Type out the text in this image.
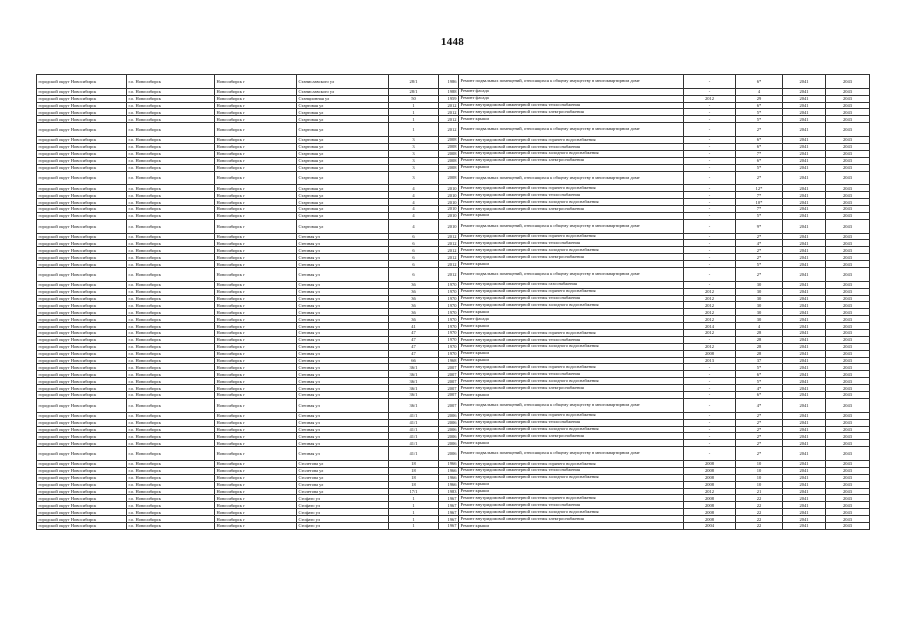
1448
городской округ Новосибирск	г.о. Новосибирск	Новосибирск г	Станиславского ул	28/1	1986	Ремонт подвальных помещений, относящихся к общему имуществу в многоквартирном доме	-	6*	2041	2043
городской округ Новосибирск	г.о. Новосибирск	Новосибирск г	Станиславского ул	28/1	1988	Ремонт фасада	-	4	2041	2043
городской округ Новосибирск	г.о. Новосибирск	Новосибирск г	Станционная ул	50	1959	Ремонт фасада	2012	29	2041	2043
городской округ Новосибирск	г.о. Новосибирск	Новосибирск г	Стартовая ул	1	2012	Ремонт внутридомовой инженерной системы теплоснабжения	-	6*	2041	2043
городской округ Новосибирск	г.о. Новосибирск	Новосибирск г	Стартовая ул	1	2012	Ремонт внутридомовой инженерной системы электроснабжения	-	5*	2041	2043
городской округ Новосибирск	г.о. Новосибирск	Новосибирск г	Стартовая ул	1	2012	Ремонт крыши	-	5*	2041	2043
городской округ Новосибирск	г.о. Новосибирск	Новосибирск г	Стартовая ул	1	2012	Ремонт подвальных помещений, относящихся к общему имуществу в многоквартирном доме	-	2*	2041	2043
городской округ Новосибирск	г.о. Новосибирск	Новосибирск г	Стартовая ул	3	2008	Ремонт внутридомовой инженерной системы горячего водоснабжения	-	6*	2041	2043
городской округ Новосибирск	г.о. Новосибирск	Новосибирск г	Стартовая ул	3	2008	Ремонт внутридомовой инженерной системы теплоснабжения	-	6*	2041	2043
городской округ Новосибирск	г.о. Новосибирск	Новосибирск г	Стартовая ул	3	2008	Ремонт внутридомовой инженерной системы холодного водоснабжения	-	7*	2041	2043
городской округ Новосибирск	г.о. Новосибирск	Новосибирск г	Стартовая ул	3	2008	Ремонт внутридомовой инженерной системы электроснабжения	-	6*	2041	2043
городской округ Новосибирск	г.о. Новосибирск	Новосибирск г	Стартовая ул	3	2008	Ремонт крыши	-	5*	2041	2043
городской округ Новосибирск	г.о. Новосибирск	Новосибирск г	Стартовая ул	3	2008	Ремонт подвальных помещений, относящихся к общему имуществу в многоквартирном доме	-	2*	2041	2043
городской округ Новосибирск	г.о. Новосибирск	Новосибирск г	Стартовая ул	4	2010	Ремонт внутридомовой инженерной системы горячего водоснабжения	-	12*	2041	2043
городской округ Новосибирск	г.о. Новосибирск	Новосибирск г	Стартовая ул	4	2010	Ремонт внутридомовой инженерной системы теплоснабжения	-	7*	2041	2043
городской округ Новосибирск	г.о. Новосибирск	Новосибирск г	Стартовая ул	4	2010	Ремонт внутридомовой инженерной системы холодного водоснабжения	-	10*	2041	2043
городской округ Новосибирск	г.о. Новосибирск	Новосибирск г	Стартовая ул	4	2010	Ремонт внутридомовой инженерной системы электроснабжения	-	7*	2041	2043
городской округ Новосибирск	г.о. Новосибирск	Новосибирск г	Стартовая ул	4	2010	Ремонт крыши	-	5*	2041	2043
городской округ Новосибирск	г.о. Новосибирск	Новосибирск г	Стартовая ул	4	2010	Ремонт подвальных помещений, относящихся к общему имуществу в многоквартирном доме	-	9*	2041	2043
городской округ Новосибирск	г.о. Новосибирск	Новосибирск г	Степная ул	6	2012	Ремонт внутридомовой инженерной системы горячего водоснабжения	-	2*	2041	2043
городской округ Новосибирск	г.о. Новосибирск	Новосибирск г	Степная ул	6	2012	Ремонт внутридомовой инженерной системы теплоснабжения	-	4*	2041	2043
городской округ Новосибирск	г.о. Новосибирск	Новосибирск г	Степная ул	6	2012	Ремонт внутридомовой инженерной системы холодного водоснабжения	-	2*	2041	2043
городской округ Новосибирск	г.о. Новосибирск	Новосибирск г	Степная ул	6	2012	Ремонт внутридомовой инженерной системы электроснабжения	-	2*	2041	2043
городской округ Новосибирск	г.о. Новосибирск	Новосибирск г	Степная ул	6	2012	Ремонт крыши	-	5*	2041	2043
городской округ Новосибирск	г.о. Новосибирск	Новосибирск г	Степная ул	6	2012	Ремонт подвальных помещений, относящихся к общему имуществу в многоквартирном доме	-	2*	2041	2043
городской округ Новосибирск	г.о. Новосибирск	Новосибирск г	Степная ул	36	1970	Ремонт внутридомовой инженерной системы газоснабжения	-	30	2041	2043
городской округ Новосибирск	г.о. Новосибирск	Новосибирск г	Степная ул	36	1970	Ремонт внутридомовой инженерной системы горячего водоснабжения	2012	30	2041	2043
городской округ Новосибирск	г.о. Новосибирск	Новосибирск г	Степная ул	36	1970	Ремонт внутридомовой инженерной системы теплоснабжения	2012	30	2041	2043
городской округ Новосибирск	г.о. Новосибирск	Новосибирск г	Степная ул	36	1970	Ремонт внутридомовой инженерной системы холодного водоснабжения	2012	30	2041	2043
городской округ Новосибирск	г.о. Новосибирск	Новосибирск г	Степная ул	36	1970	Ремонт крыши	2012	30	2041	2043
городской округ Новосибирск	г.о. Новосибирск	Новосибирск г	Степная ул	36	1970	Ремонт фасада	2012	30	2041	2043
городской округ Новосибирск	г.о. Новосибирск	Новосибирск г	Степная ул	41	1970	Ремонт крыши	2014	4	2041	2043
городской округ Новосибирск	г.о. Новосибирск	Новосибирск г	Степная ул	47	1970	Ремонт внутридомовой инженерной системы горячего водоснабжения	2012	28	2041	2043
городской округ Новосибирск	г.о. Новосибирск	Новосибирск г	Степная ул	47	1970	Ремонт внутридомовой инженерной системы теплоснабжения	-	28	2041	2043
городской округ Новосибирск	г.о. Новосибирск	Новосибирск г	Степная ул	47	1970	Ремонт внутридомовой инженерной системы холодного водоснабжения	2012	28	2041	2043
городской округ Новосибирск	г.о. Новосибирск	Новосибирск г	Степная ул	47	1970	Ремонт крыши	2008	28	2041	2043
городской округ Новосибирск	г.о. Новосибирск	Новосибирск г	Степная ул	66	1968	Ремонт крыши	2013	37	2041	2043
городской округ Новосибирск	г.о. Новосибирск	Новосибирск г	Степная ул	36/1	2007	Ремонт внутридомовой инженерной системы горячего водоснабжения	-	5*	2041	2043
городской округ Новосибирск	г.о. Новосибирск	Новосибирск г	Степная ул	36/1	2007	Ремонт внутридомовой инженерной системы теплоснабжения	-	6*	2041	2043
городской округ Новосибирск	г.о. Новосибирск	Новосибирск г	Степная ул	36/1	2007	Ремонт внутридомовой инженерной системы холодного водоснабжения	-	5*	2041	2043
городской округ Новосибирск	г.о. Новосибирск	Новосибирск г	Степная ул	36/1	2007	Ремонт внутридомовой инженерной системы электроснабжения	-	4*	2041	2043
городской округ Новосибирск	г.о. Новосибирск	Новосибирск г	Степная ул	36/1	2007	Ремонт крыши	-	6*	2041	2043
городской округ Новосибирск	г.о. Новосибирск	Новосибирск г	Степная ул	36/1	2007	Ремонт подвальных помещений, относящихся к общему имуществу в многоквартирном доме	-	4*	2041	2043
городской округ Новосибирск	г.о. Новосибирск	Новосибирск г	Степная ул	41/1	2006	Ремонт внутридомовой инженерной системы горячего водоснабжения	-	2*	2041	2043
городской округ Новосибирск	г.о. Новосибирск	Новосибирск г	Степная ул	41/1	2006	Ремонт внутридомовой инженерной системы теплоснабжения	-	2*	2041	2043
городской округ Новосибирск	г.о. Новосибирск	Новосибирск г	Степная ул	41/1	2006	Ремонт внутридомовой инженерной системы холодного водоснабжения	-	2*	2041	2043
городской округ Новосибирск	г.о. Новосибирск	Новосибирск г	Степная ул	41/1	2006	Ремонт внутридомовой инженерной системы электроснабжения	-	2*	2041	2043
городской округ Новосибирск	г.о. Новосибирск	Новосибирск г	Степная ул	41/1	2006	Ремонт крыши	-	2*	2041	2043
городской округ Новосибирск	г.о. Новосибирск	Новосибирск г	Степная ул	41/1	2006	Ремонт подвальных помещений, относящихся к общему имуществу в многоквартирном доме	-	2*	2041	2043
городской округ Новосибирск	г.о. Новосибирск	Новосибирск г	Столетова ул	18	1966	Ремонт внутридомовой инженерной системы горячего водоснабжения	2008	10	2041	2043
городской округ Новосибирск	г.о. Новосибирск	Новосибирск г	Столетова ул	18	1966	Ремонт внутридомовой инженерной системы теплоснабжения	2008	10	2041	2043
городской округ Новосибирск	г.о. Новосибирск	Новосибирск г	Столетова ул	18	1966	Ремонт внутридомовой инженерной системы холодного водоснабжения	2008	10	2041	2043
городской округ Новосибирск	г.о. Новосибирск	Новосибирск г	Столетова ул	18	1966	Ремонт крыши	2008	10	2041	2043
городской округ Новосибирск	г.о. Новосибирск	Новосибирск г	Столетова ул	17/1	1983	Ремонт крыши	2012	21	2041	2043
городской округ Новосибирск	г.о. Новосибирск	Новосибирск г	Стофато ул	1	1967	Ремонт внутридомовой инженерной системы горячего водоснабжения	2008	22	2041	2043
городской округ Новосибирск	г.о. Новосибирск	Новосибирск г	Стофато ул	1	1967	Ремонт внутридомовой инженерной системы теплоснабжения	2008	22	2041	2043
городской округ Новосибирск	г.о. Новосибирск	Новосибирск г	Стофато ул	1	1967	Ремонт внутридомовой инженерной системы холодного водоснабжения	2008	22	2041	2043
городской округ Новосибирск	г.о. Новосибирск	Новосибирск г	Стофато ул	1	1967	Ремонт внутридомовой инженерной системы электроснабжения	2008	22	2041	2043
городской округ Новосибирск	г.о. Новосибирск	Новосибирск г	Стофато ул	1	1967	Ремонт крыши	2004	22	2041	2043
